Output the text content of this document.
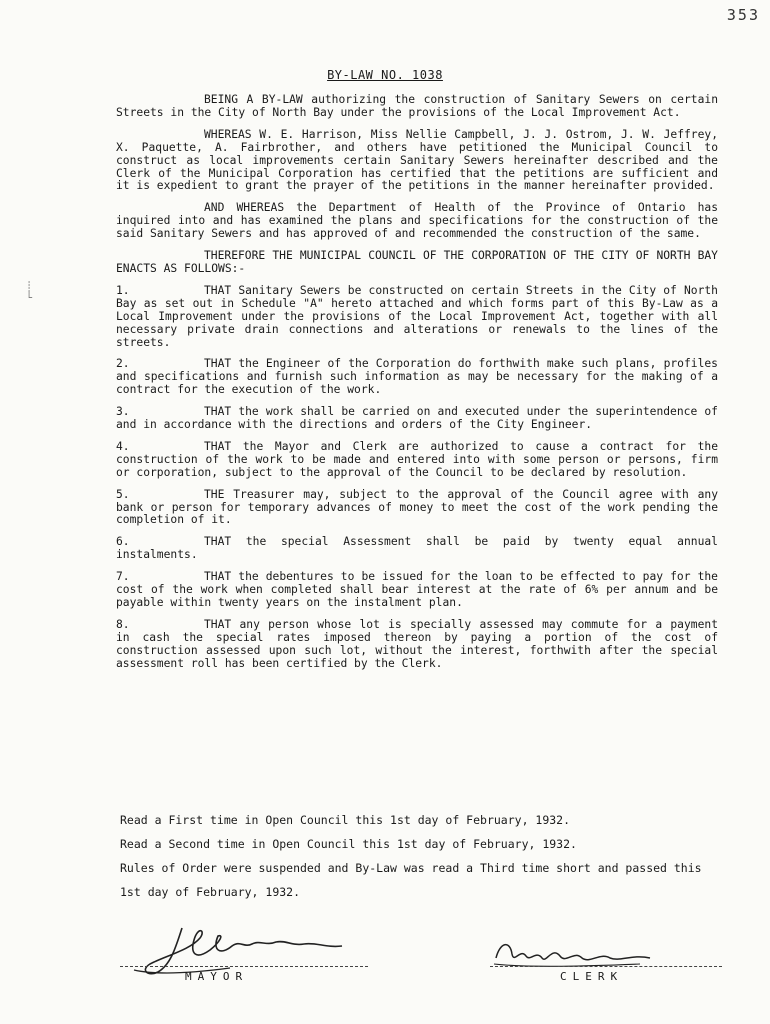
353
BY-LAW NO. 1038
┊
└

BEING A BY-LAW authorizing the construction of Sanitary Sewers on certain Streets in the City of North Bay under the provisions of the Local Improvement Act.

WHEREAS W. E. Harrison, Miss Nellie Campbell, J. J. Ostrom, J. W. Jeffrey, X. Paquette, A. Fairbrother, and others have petitioned the Municipal Council to construct as local improvements certain Sanitary Sewers hereinafter described and the Clerk of the Municipal Corporation has certified that the petitions are sufficient and it is expedient to grant the prayer of the petitions in the manner hereinafter provided.

AND WHEREAS the Department of Health of the Province of Ontario has inquired into and has examined the plans and specifications for the construction of the said Sanitary Sewers and has approved of and recommended the construction of the same.

THEREFORE THE MUNICIPAL COUNCIL OF THE CORPORATION OF THE CITY OF NORTH BAY ENACTS AS FOLLOWS:-

1.	THAT Sanitary Sewers be constructed on certain Streets in the City of North Bay as set out in Schedule "A" hereto attached and which forms part of this By-Law as a Local Improvement under the provisions of the Local Improvement Act, together with all necessary private drain connections and alterations or renewals to the lines of the streets.

2.	THAT the Engineer of the Corporation do forthwith make such plans, profiles and specifications and furnish such information as may be necessary for the making of a contract for the execution of the work.

3.	THAT the work shall be carried on and executed under the superintendence of and in accordance with the directions and orders of the City Engineer.

4.	THAT the Mayor and Clerk are authorized to cause a contract for the construction of the work to be made and entered into with some person or persons, firm or corporation, subject to the approval of the Council to be declared by resolution.

5.	THE Treasurer may, subject to the approval of the Council agree with any bank or person for temporary advances of money to meet the cost of the work pending the completion of it.

6.	THAT the special Assessment shall be paid by twenty equal annual instalments.

7.	THAT the debentures to be issued for the loan to be effected to pay for the cost of the work when completed shall bear interest at the rate of 6% per annum and be payable within twenty years on the instalment plan.

8.	THAT any person whose lot is specially assessed may commute for a payment in cash the special rates imposed thereon by paying a portion of the cost of construction assessed upon such lot, without the interest, forthwith after the special assessment roll has been certified by the Clerk.

Read a First time in Open Council this 1st day of February, 1932.

Read a Second time in Open Council this 1st day of February, 1932.

Rules of Order were suspended and By-Law was read a Third time short and passed this 1st day of February, 1932.

MAYOR	CLERK
